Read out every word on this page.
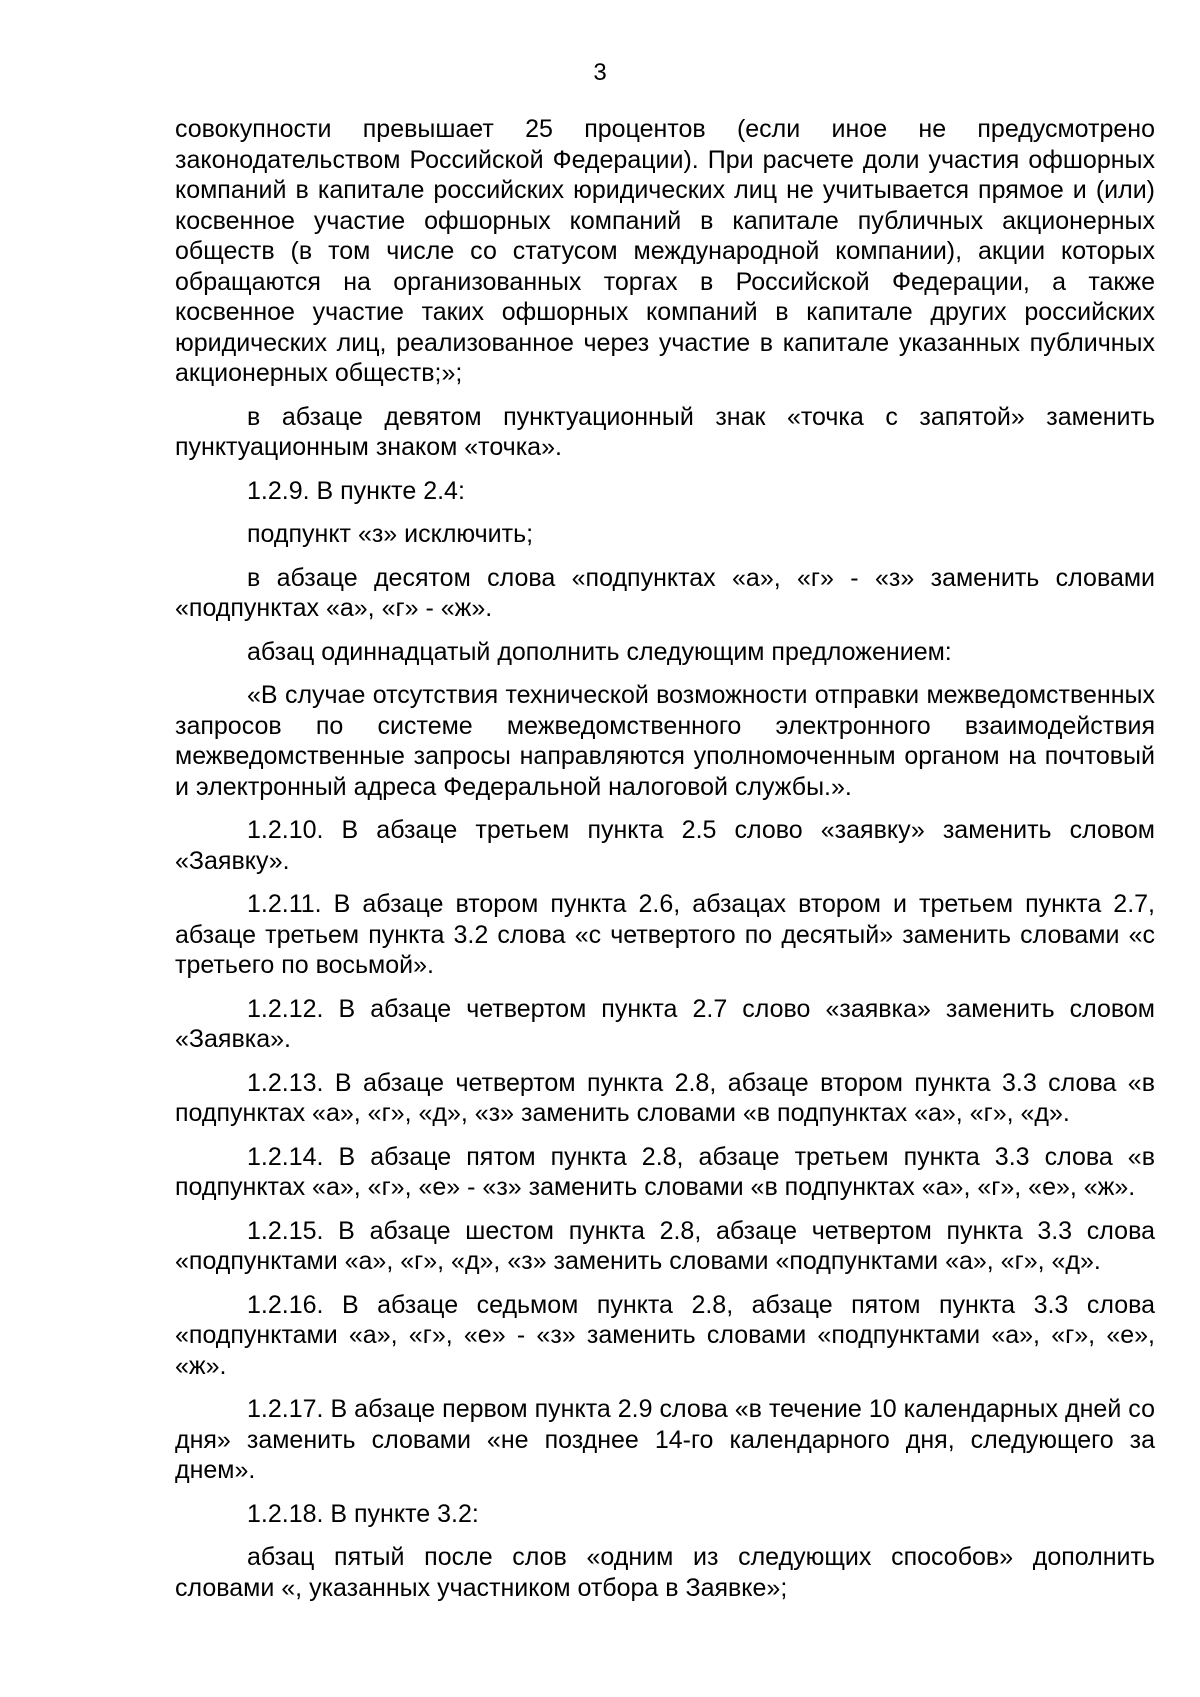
3

совокупности превышает 25 процентов (если иное не предусмотрено законодательством Российской Федерации). При расчете доли участия офшорных компаний в капитале российских юридических лиц не учитывается прямое и (или) косвенное участие офшорных компаний в капитале публичных акционерных обществ (в том числе со статусом международной компании), акции которых обращаются на организованных торгах в Российской Федерации, а также косвенное участие таких офшорных компаний в капитале других российских юридических лиц, реализованное через участие в капитале указанных публичных акционерных обществ;»;

в абзаце девятом пунктуационный знак «точка с запятой» заменить пунктуационным знаком «точка».

1.2.9. В пункте 2.4:

подпункт «з» исключить;

в абзаце десятом слова «подпунктах «а», «г» - «з» заменить словами «подпунктах «а», «г» - «ж».

абзац одиннадцатый дополнить следующим предложением:

«В случае отсутствия технической возможности отправки межведомственных запросов по системе межведомственного электронного взаимодействия межведомственные запросы направляются уполномоченным органом на почтовый и электронный адреса Федеральной налоговой службы.».

1.2.10. В абзаце третьем пункта 2.5 слово «заявку» заменить словом «Заявку».

1.2.11. В абзаце втором пункта 2.6, абзацах втором и третьем пункта 2.7, абзаце третьем пункта 3.2 слова «с четвертого по десятый» заменить словами «с третьего по восьмой».

1.2.12. В абзаце четвертом пункта 2.7 слово «заявка» заменить словом «Заявка».

1.2.13. В абзаце четвертом пункта 2.8, абзаце втором пункта 3.3 слова «в подпунктах «а», «г», «д», «з» заменить словами «в подпунктах «а», «г», «д».

1.2.14. В абзаце пятом пункта 2.8, абзаце третьем пункта 3.3 слова «в подпунктах «а», «г», «е» - «з» заменить словами «в подпунктах «а», «г», «е», «ж».

1.2.15. В абзаце шестом пункта 2.8, абзаце четвертом пункта 3.3 слова «подпунктами «а», «г», «д», «з» заменить словами «подпунктами «а», «г», «д».

1.2.16. В абзаце седьмом пункта 2.8, абзаце пятом пункта 3.3 слова «подпунктами «а», «г», «е» - «з» заменить словами «подпунктами «а», «г», «е», «ж».

1.2.17. В абзаце первом пункта 2.9 слова «в течение 10 календарных дней со дня» заменить словами «не позднее 14-го календарного дня, следующего за днем».

1.2.18. В пункте 3.2:

абзац пятый после слов «одним из следующих способов» дополнить словами «, указанных участником отбора в Заявке»;
